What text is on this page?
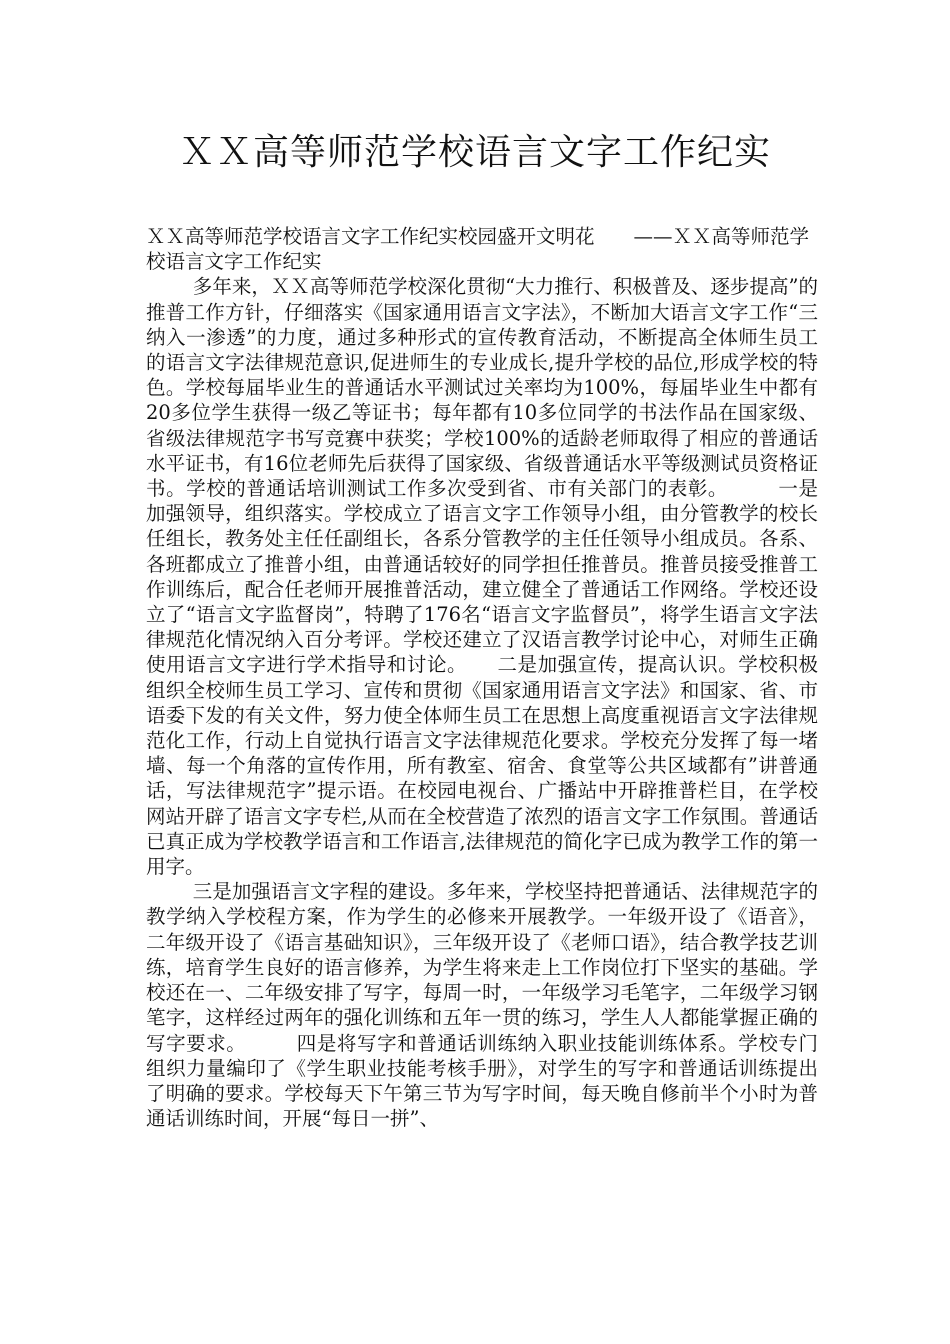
ＸＸ高等师范学校语言文字工作纪实

ＸＸ高等师范学校语言文字工作纪实校园盛开文明花　　——ＸＸ高等师范学校语言文字工作纪实

多年来，ＸＸ高等师范学校深化贯彻“大力推行、积极普及、逐步提高”的推普工作方针，仔细落实《国家通用语言文字法》，不断加大语言文字工作“三纳入一渗透”的力度，通过多种形式的宣传教育活动，不断提高全体师生员工的语言文字法律规范意识,促进师生的专业成长,提升学校的品位,形成学校的特色。学校每届毕业生的普通话水平测试过关率均为100%，每届毕业生中都有20多位学生获得一级乙等证书；每年都有10多位同学的书法作品在国家级、省级法律规范字书写竞赛中获奖；学校100%的适龄老师取得了相应的普通话水平证书，有16位老师先后获得了国家级、省级普通话水平等级测试员资格证书。学校的普通话培训测试工作多次受到省、市有关部门的表彰。　　　一是加强领导，组织落实。学校成立了语言文字工作领导小组，由分管教学的校长任组长，教务处主任任副组长，各系分管教学的主任任领导小组成员。各系、各班都成立了推普小组，由普通话较好的同学担任推普员。推普员接受推普工作训练后，配合任老师开展推普活动，建立健全了普通话工作网络。学校还设立了“语言文字监督岗”，特聘了176名“语言文字监督员”，将学生语言文字法律规范化情况纳入百分考评。学校还建立了汉语言教学讨论中心，对师生正确使用语言文字进行学术指导和讨论。　　二是加强宣传，提高认识。学校积极组织全校师生员工学习、宣传和贯彻《国家通用语言文字法》和国家、省、市语委下发的有关文件，努力使全体师生员工在思想上高度重视语言文字法律规范化工作，行动上自觉执行语言文字法律规范化要求。学校充分发挥了每一堵墙、每一个角落的宣传作用，所有教室、宿舍、食堂等公共区域都有”讲普通话，写法律规范字”提示语。在校园电视台、广播站中开辟推普栏目，在学校网站开辟了语言文字专栏,从而在全校营造了浓烈的语言文字工作氛围。普通话已真正成为学校教学语言和工作语言,法律规范的简化字已成为教学工作的第一用字。

三是加强语言文字程的建设。多年来，学校坚持把普通话、法律规范字的教学纳入学校程方案，作为学生的必修来开展教学。一年级开设了《语音》，二年级开设了《语言基础知识》，三年级开设了《老师口语》，结合教学技艺训练，培育学生良好的语言修养，为学生将来走上工作岗位打下坚实的基础。学校还在一、二年级安排了写字，每周一时，一年级学习毛笔字，二年级学习钢笔字，这样经过两年的强化训练和五年一贯的练习，学生人人都能掌握正确的写字要求。　　　四是将写字和普通话训练纳入职业技能训练体系。学校专门组织力量编印了《学生职业技能考核手册》，对学生的写字和普通话训练提出了明确的要求。学校每天下午第三节为写字时间，每天晚自修前半个小时为普通话训练时间，开展“每日一拼”、
